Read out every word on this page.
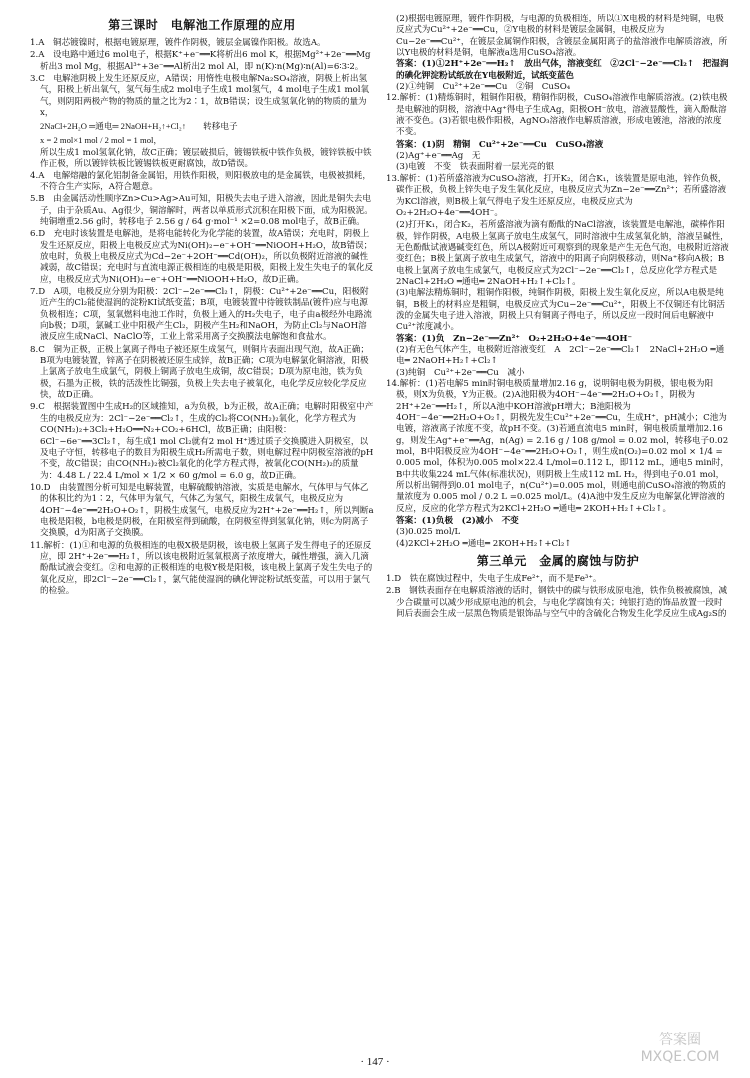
第三课时　电解池工作原理的应用

1.A　铜芯镀镍时，根据电镀原理，镀件作阴极，镀层金属镍作阳极。故选A。

2.A　设电路中通过6 mol电子，根据K⁺+e⁻══K将析出6 mol K，根据Mg²⁺+2e⁻══Mg析出3 mol Mg，根据Al³⁺+3e⁻══Al析出2 mol Al，即 n(K)∶n(Mg)∶n(Al)=6∶3∶2。

3.C　电解池阴极上发生还原反应，A错误；用惰性电极电解Na₂SO₄溶液，阴极上析出氢气，阳极上析出氧气，氢气每生成2 mol电子生成1 mol氢气，4 mol电子生成1 mol氧气，则阴阳两极产物的物质的量之比为2∶1，故B错误；设生成氢氧化钠的物质的量为x，

2NaCl+2H₂O ═通电═ 2NaOH+H₂↑+Cl₂↑　　转移电子

x = 2 mol×1 mol / 2 mol = 1 mol，

所以生成1 mol氢氧化钠，故C正确；镀层破损后，镀锡铁板中铁作负极，镀锌铁板中铁作正极，所以镀锌铁板比镀锡铁板更耐腐蚀，故D错误。

4.A　电解熔融的氯化铝制备金属铝，用铁作阳极，则阳极放电的是金属铁，电极被损耗，不符合生产实际，A符合题意。

5.B　由金属活动性顺序Zn>Cu>Ag>Au可知，阳极失去电子进入溶液，因此是铜失去电子，由于杂质Au、Ag很少，铜溶解时，两者以单质形式沉积在阳极下面，成为阳极泥。纯铜增重2.56 g时，转移电子 2.56 g / 64 g·mol⁻¹ ×2=0.08 mol电子，故B正确。

6.D　充电时该装置是电解池，是将电能转化为化学能的装置，故A错误；充电时，阴极上发生还原反应，阳极上电极反应式为Ni(OH)₂−e⁻+OH⁻══NiOOH+H₂O，故B错误；放电时，负极上电极反应式为Cd−2e⁻+2OH⁻══Cd(OH)₂，所以负极附近溶液的碱性减弱，故C错误；充电时与直流电源正极相连的电极是阳极，阳极上发生失电子的氧化反应，电极反应式为Ni(OH)₂−e⁻+OH⁻══NiOOH+H₂O，故D正确。

7.D　A项，电极反应分别为阳极：2Cl⁻−2e⁻══Cl₂↑，阴极：Cu²⁺+2e⁻══Cu，阳极附近产生的Cl₂能使湿润的淀粉KI试纸变蓝；B项，电镀装置中待镀铁制品(镀件)应与电源负极相连；C项，氢氧燃料电池工作时，负极上通入的H₂失电子，电子由a极经外电路流向b极；D项，氯碱工业中阳极产生Cl₂，阴极产生H₂和NaOH，为防止Cl₂与NaOH溶液反应生成NaCl、NaClO等，工业上常采用离子交换膜法电解饱和食盐水。

8.C　铜为正极，正极上氯离子得电子被还原生成氢气，则铜片表面出现气泡，故A正确；B项为电镀装置，锌离子在阴极被还原生成锌，故B正确；C项为电解氯化铜溶液，阳极上氯离子放电生成氯气，阴极上铜离子放电生成铜，故C错误；D项为原电池，铁为负极，石墨为正极，铁的活泼性比铜强，负极上失去电子被氧化，电化学反应较化学反应快，故D正确。

9.C　根据装置图中生成H₂的区域推知，a为负极，b为正极，故A正确；电解时阳极室中产生的电极反应为：2Cl⁻−2e⁻══Cl₂↑，生成的Cl₂将CO(NH₂)₂氧化，化学方程式为CO(NH₂)₂+3Cl₂+H₂O══N₂+CO₂+6HCl，故B正确；由阳极：6Cl⁻−6e⁻══3Cl₂↑，每生成1 mol Cl₂就有2 mol H⁺透过质子交换膜进入阴极室，以及电子守恒，转移电子的数目为阳极生成H₂所需电子数，则电解过程中阴极室溶液的pH不变，故C错误；由CO(NH₂)₂被Cl₂氧化的化学方程式得，被氧化CO(NH₂)₂的质量为：4.48 L / 22.4 L/mol × 1/2 × 60 g/mol = 6.0 g，故D正确。

10.D　由装置图分析可知是电解装置，电解硫酸钠溶液，实质是电解水，气体甲与气体乙的体积比约为1∶2，气体甲为氧气，气体乙为氢气，阳极生成氧气，电极反应为4OH⁻−4e⁻══2H₂O+O₂↑，阴极生成氢气，电极反应为2H⁺+2e⁻══H₂↑，所以判断a电极是阳极，b电极是阴极，在阳极室得到硫酸，在阴极室得到氢氧化钠，则c为阴离子交换膜，d为阳离子交换膜。

11.解析：(1)①和电源的负极相连的电极X极是阴极，该电极上氢离子发生得电子的还原反应，即 2H⁺+2e⁻══H₂↑，所以该电极附近氢氧根离子浓度增大，碱性增强，滴入几滴酚酞试液会变红。②和电源的正极相连的电极Y极是阳极，该电极上氯离子发生失电子的氧化反应，即2Cl⁻−2e⁻══Cl₂↑，氯气能使湿润的碘化钾淀粉试纸变蓝，可以用于氯气的检验。

(2)根据电镀原理，镀件作阴极，与电源的负极相连，所以①X电极的材料是纯铜，电极反应式为Cu²⁺+2e⁻══Cu，②Y电极的材料是镀层金属铜，电极反应为Cu−2e⁻══Cu²⁺，在镀层金属铜作阳极，含镀层金属阳离子的盐溶液作电解质溶液，所以Y电极的材料是铜，电解液a选用CuSO₄溶液。

答案：(1)①2H⁺+2e⁻══H₂↑　放出气体，溶液变红　②2Cl⁻−2e⁻══Cl₂↑　把湿润的碘化钾淀粉试纸放在Y电极附近，试纸变蓝色

(2)①纯铜　Cu²⁺+2e⁻══Cu　②铜　CuSO₄

12.解析：(1)精炼铜时，粗铜作阳极，精铜作阴极，CuSO₄溶液作电解质溶液。(2)铁电极是电解池的阴极，溶液中Ag⁺得电子生成Ag，阳极OH⁻放电，溶液显酸性，滴入酚酞溶液不变色。(3)若银电极作阳极，AgNO₃溶液作电解质溶液，形成电镀池，溶液的浓度不变。

答案：(1)阴　精铜　Cu²⁺+2e⁻══Cu　CuSO₄溶液

(2)Ag⁺+e⁻══Ag　无

(3)电镀　不变　铁表面附着一层光亮的银

13.解析：(1)若所盛溶液为CuSO₄溶液，打开K₂，闭合K₁，该装置是原电池，锌作负极，碳作正极，负极上锌失电子发生氧化反应，电极反应式为Zn−2e⁻══Zn²⁺；若所盛溶液为KCl溶液，则B极上氧气得电子发生还原反应，电极反应式为O₂+2H₂O+4e⁻══4OH⁻。

(2)打开K₁，闭合K₂，若所盛溶液为滴有酚酞的NaCl溶液，该装置是电解池，碳棒作阳极，锌作阴极，A电极上氢离子放电生成氢气，同时溶液中生成氢氧化钠，溶液呈碱性，无色酚酞试液遇碱变红色，所以A极附近可观察到的现象是产生无色气泡，电极附近溶液变红色；B极上氯离子放电生成氯气，溶液中的阳离子向阴极移动，则Na⁺移向A极；B电极上氯离子放电生成氯气，电极反应式为2Cl⁻−2e⁻══Cl₂↑，总反应化学方程式是2NaCl+2H₂O ═通电═ 2NaOH+H₂↑+Cl₂↑。

(3)电解法精炼铜时，粗铜作阳极，纯铜作阴极，阳极上发生氧化反应，所以A电极是纯铜，B极上的材料应是粗铜，电极反应式为Cu−2e⁻══Cu²⁺，阳极上不仅铜还有比铜活泼的金属失电子进入溶液，阴极上只有铜离子得电子，所以反应一段时间后电解液中Cu²⁺浓度减小。

答案：(1)负　Zn−2e⁻══Zn²⁺　O₂+2H₂O+4e⁻══4OH⁻

(2)有无色气体产生，电极附近溶液变红　A　2Cl⁻−2e⁻══Cl₂↑　2NaCl+2H₂O ═通电═ 2NaOH+H₂↑+Cl₂↑

(3)纯铜　Cu²⁺+2e⁻══Cu　减小

14.解析：(1)若电解5 min时铜电极质量增加2.16 g，说明铜电极为阴极，银电极为阳极，则X为负极，Y为正极。(2)A池阳极为4OH⁻−4e⁻══2H₂O+O₂↑，阴极为2H⁺+2e⁻══H₂↑，所以A池中KOH溶液pH增大；B池阳极为4OH⁻−4e⁻══2H₂O+O₂↑，阴极先发生Cu²⁺+2e⁻══Cu，生成H⁺，pH减小；C池为电镀，溶液离子浓度不变，故pH不变。(3)若通直流电5 min时，铜电极质量增加2.16 g，则发生Ag⁺+e⁻══Ag，n(Ag) = 2.16 g / 108 g/mol = 0.02 mol，转移电子0.02 mol，B中阳极反应为4OH⁻−4e⁻══2H₂O+O₂↑，则生成n(O₂)=0.02 mol × 1/4 = 0.005 mol，体积为0.005 mol×22.4 L/mol=0.112 L，即112 mL，通电5 min时，B中共收集224 mL气体(标准状况)，则阴极上生成112 mL H₂，得到电子0.01 mol，所以析出铜得到0.01 mol电子，n(Cu²⁺)=0.005 mol，则通电前CuSO₄溶液的物质的量浓度为 0.005 mol / 0.2 L =0.025 mol/L。(4)A池中发生反应为电解氯化钾溶液的反应，反应的化学方程式为2KCl+2H₂O ═通电═ 2KOH+H₂↑+Cl₂↑。

答案：(1)负极　(2)减小　不变

(3)0.025 mol/L

(4)2KCl+2H₂O ═通电═ 2KOH+H₂↑+Cl₂↑

第三单元　金属的腐蚀与防护

1.D　铁在腐蚀过程中，失电子生成Fe²⁺，而不是Fe³⁺。

2.B　钢铁表面存在电解质溶液的话时，钢铁中的碳与铁形成原电池，铁作负极被腐蚀，减少合碳量可以减少形成原电池的机会，与电化学腐蚀有关；纯银打造的饰品放置一段时间后表面会生成一层黑色物质是银饰品与空气中的含硫化合物发生化学反应生成Ag₂S的

· 147 ·
答案圈 MXQE.COM
